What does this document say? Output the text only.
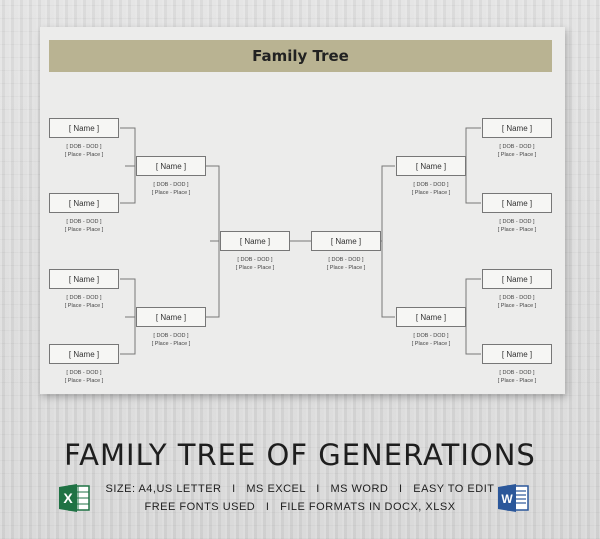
Family Tree
[ Name ]
[ DOB - DOD ]
[ Place - Place ]
[ Name ]
[ DOB - DOD ]
[ Place - Place ]
[ Name ]
[ DOB - DOD ]
[ Place - Place ]
[ Name ]
[ DOB - DOD ]
[ Place - Place ]
[ Name ]
[ DOB - DOD ]
[ Place - Place ]
[ Name ]
[ DOB - DOD ]
[ Place - Place ]
[ Name ]
[ DOB - DOD ]
[ Place - Place ]
[ Name ]
[ DOB - DOD ]
[ Place - Place ]
[ Name ]
[ DOB - DOD ]
[ Place - Place ]
[ Name ]
[ DOB - DOD ]
[ Place - Place ]
[ Name ]
[ DOB - DOD ]
[ Place - Place ]
[ Name ]
[ DOB - DOD ]
[ Place - Place ]
[ Name ]
[ DOB - DOD ]
[ Place - Place ]
[ Name ]
[ DOB - DOD ]
[ Place - Place ]
FAMILY TREE OF GENERATIONS
SIZE: A4,US LETTER   I   MS EXCEL   I   MS WORD   I   EASY TO EDIT
FREE FONTS USED   I   FILE FORMATS IN DOCX, XLSX
X	W
